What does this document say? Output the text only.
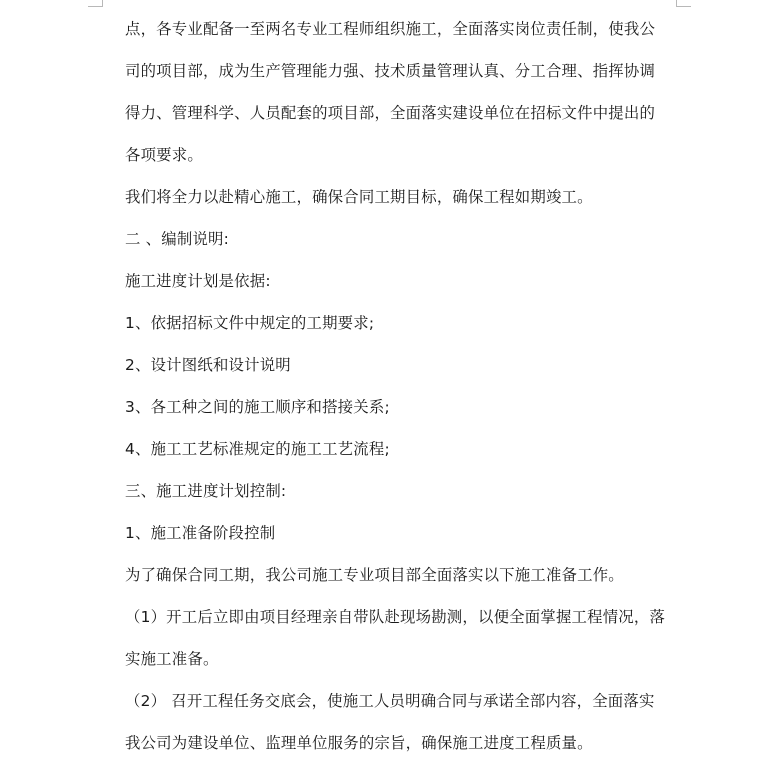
点，各专业配备一至两名专业工程师组织施工，全面落实岗位责任制，使我公司的项目部，成为生产管理能力强、技术质量管理认真、分工合理、指挥协调得力、管理科学、人员配套的项目部，全面落实建设单位在招标文件中提出的各项要求。

我们将全力以赴精心施工，确保合同工期目标，确保工程如期竣工。

二 、编制说明:

施工进度计划是依据:

1、依据招标文件中规定的工期要求;

2、设计图纸和设计说明

3、各工种之间的施工顺序和搭接关系;

4、施工工艺标准规定的施工工艺流程;

三、施工进度计划控制:

1、施工准备阶段控制

为了确保合同工期，我公司施工专业项目部全面落实以下施工准备工作。

（1）开工后立即由项目经理亲自带队赴现场勘测，以便全面掌握工程情况，落实施工准备。

（2） 召开工程任务交底会，使施工人员明确合同与承诺全部内容，全面落实我公司为建设单位、监理单位服务的宗旨，确保施工进度工程质量。
